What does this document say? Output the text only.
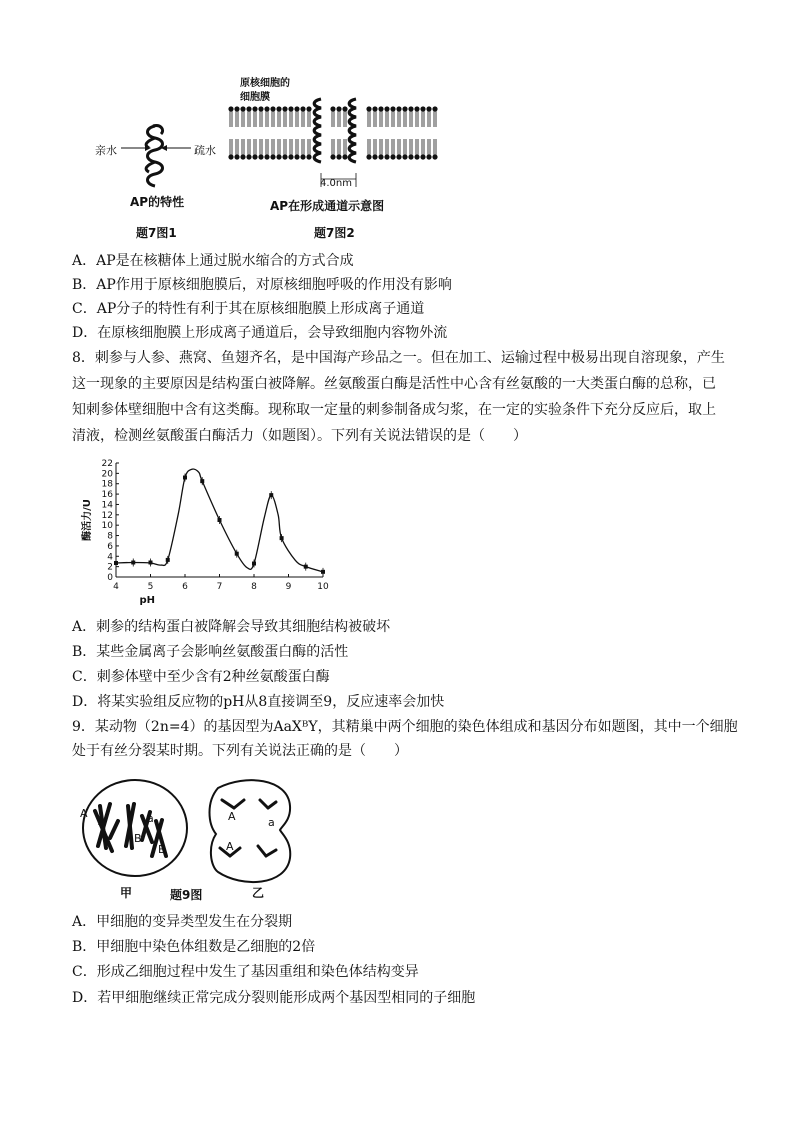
亲水	疏水
AP的特性
题7图1
原核细胞的
细胞膜
4.0nm
AP在形成通道示意图
题7图2
A．AP是在核糖体上通过脱水缩合的方式合成
B．AP作用于原核细胞膜后，对原核细胞呼吸的作用没有影响
C．AP分子的特性有利于其在原核细胞膜上形成离子通道
D．在原核细胞膜上形成离子通道后，会导致细胞内容物外流
8．刺参与人参、燕窝、鱼翅齐名，是中国海产珍品之一。但在加工、运输过程中极易出现自溶现象，产生
这一现象的主要原因是结构蛋白被降解。丝氨酸蛋白酶是活性中心含有丝氨酸的一大类蛋白酶的总称，已
知刺参体壁细胞中含有这类酶。现称取一定量的刺参制备成匀浆，在一定的实验条件下充分反应后，取上
清液，检测丝氨酸蛋白酶活力（如题图）。下列有关说法错误的是（　　）
0
2
4
6
8
10
12
14
16
18
20
22
4	5	6	7	8	9	10
pH
酶活力/U
A．刺参的结构蛋白被降解会导致其细胞结构被破坏
B．某些金属离子会影响丝氨酸蛋白酶的活性
C．刺参体壁中至少含有2种丝氨酸蛋白酶
D．将某实验组反应物的pH从8直接调至9，反应速率会加快
9．某动物（2n=4）的基因型为AaXᴮY，其精巢中两个细胞的染色体组成和基因分布如题图，其中一个细胞
处于有丝分裂某时期。下列有关说法正确的是（　　）
A
A	a
B
B
A	a
A
甲	题9图	乙
A．甲细胞的变异类型发生在分裂期
B．甲细胞中染色体组数是乙细胞的2倍
C．形成乙细胞过程中发生了基因重组和染色体结构变异
D．若甲细胞继续正常完成分裂则能形成两个基因型相同的子细胞
